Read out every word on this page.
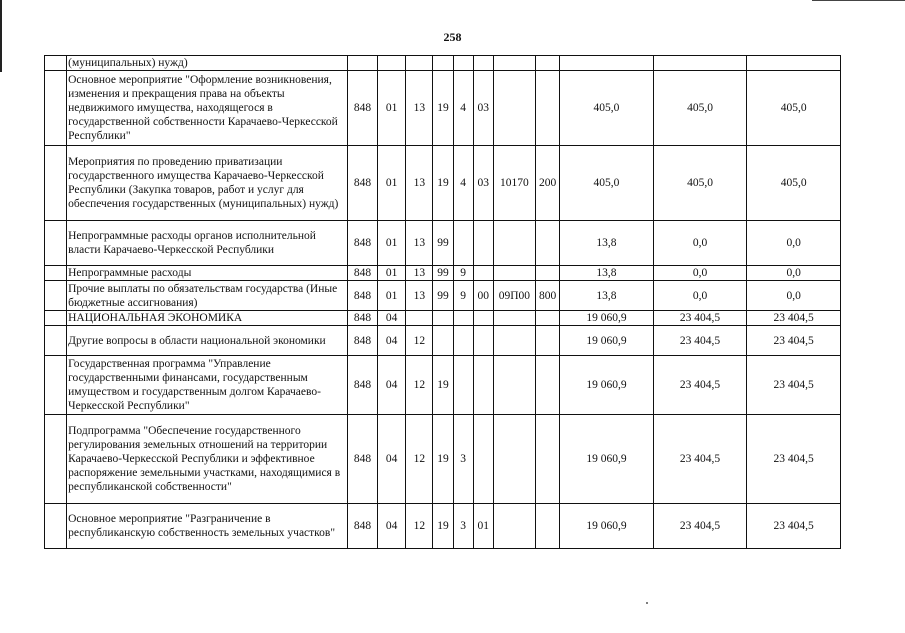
258
	(муниципальных) нужд)											
	Основное мероприятие "Оформление возникновения, изменения и прекращения права на объекты недвижимого имущества, находящегося в государственной собственности Карачаево-Черкесской Республики"	848	01	13	19	4	03			405,0	405,0	405,0
	Мероприятия по проведению приватизации государственного имущества Карачаево-Черкесской Республики (Закупка товаров, работ и услуг для обеспечения государственных (муниципальных) нужд)	848	01	13	19	4	03	10170	200	405,0	405,0	405,0
	Непрограммные расходы органов исполнительной власти Карачаево-Черкесской Республики	848	01	13	99					13,8	0,0	0,0
	Непрограммные расходы	848	01	13	99	9				13,8	0,0	0,0
	Прочие выплаты по обязательствам государства (Иные бюджетные ассигнования)	848	01	13	99	9	00	09П00	800	13,8	0,0	0,0
	НАЦИОНАЛЬНАЯ ЭКОНОМИКА	848	04							19 060,9	23 404,5	23 404,5
	Другие вопросы в области национальной экономики	848	04	12						19 060,9	23 404,5	23 404,5
	Государственная программа "Управление государственными финансами, государственным имуществом и государственным долгом Карачаево-Черкесской Республики"	848	04	12	19					19 060,9	23 404,5	23 404,5
	Подпрограмма "Обеспечение государственного регулирования земельных отношений на территории Карачаево-Черкесской Республики и эффективное распоряжение земельными участками, находящимися в республиканской собственности"	848	04	12	19	3				19 060,9	23 404,5	23 404,5
	Основное мероприятие "Разграничение в республиканскую собственность земельных участков"	848	04	12	19	3	01			19 060,9	23 404,5	23 404,5
